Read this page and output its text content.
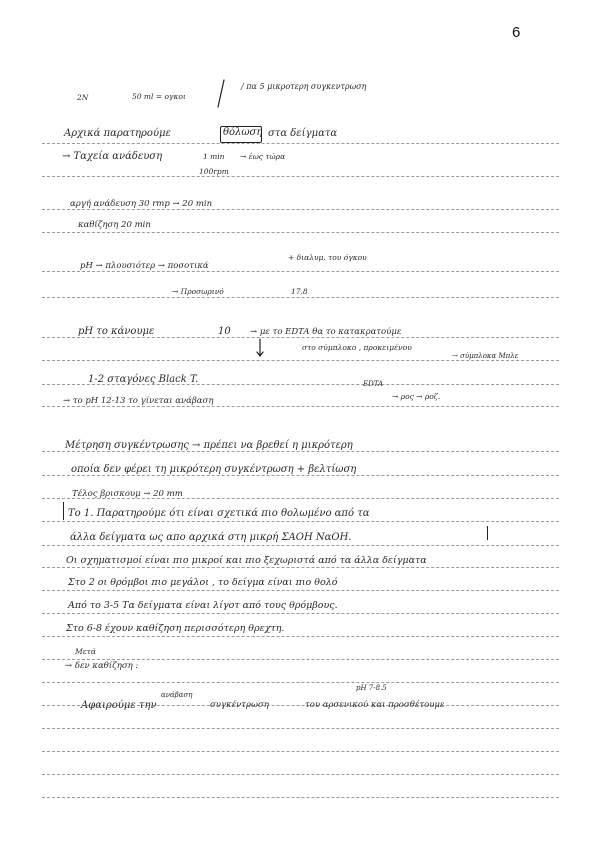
6
2N	50 ml = ογκοι
/ πα 5 μικροτερη συγκεντρωση
Αρχικά παρατηρούμε	θόλωση στα δείγματα
→ Ταχεία ανάδευση	1 min → έως τώρα
100rpm
αργή ανάδευση 30 rmp → 20 min
καθίζηση 20 min
pH → πλουσιότερ → ποσοτικά
+ διαλυμ. του όγκου
→ Προσωρινό	17.8
pH το κάνουμε	10 → με το EDTA θα το κατακρατούμε
στο σύμπλοκο , προκειμένου
→ σύμπλοκα Μπλε
1-2 σταγόνες Black T.
→ το pH 12-13 το γίνεται ανάβαση
EDTA
→ ρος → ροζ.
Μέτρηση συγκέντρωσης → πρέπει να βρεθεί η μικρότερη
οποία δεν φέρει τη μικρότερη συγκέντρωση + βελτίωση
Τέλος βρισκουμ → 20 mm
Το 1. Παρατηρούμε ότι είναι σχετικά πιο θολωμένο από τα
άλλα δείγματα ως απο αρχικά στη μικρή ΣΑΟΗ ΝαΟΗ.
Οι σχηματισμοί είναι πιο μικροί και πιο ξεχωριστά από τα άλλα δείγματα
Στο 2 οι θρόμβοι πιο μεγάλοι , το δείγμα είναι πιο θολό
Από το 3-5 Τα δείγματα είναι λίγοτ από τους θρόμβους.
Στο 6-8 έχουν καθίζηση περισσότερη θρεχτη.
Μετά
→ δεν καθίζηση :
Αφαιρούμε την
ανάβαση
συγκέντρωση	του αρσενικού και προσθέτουμε
pH 7-8.5
